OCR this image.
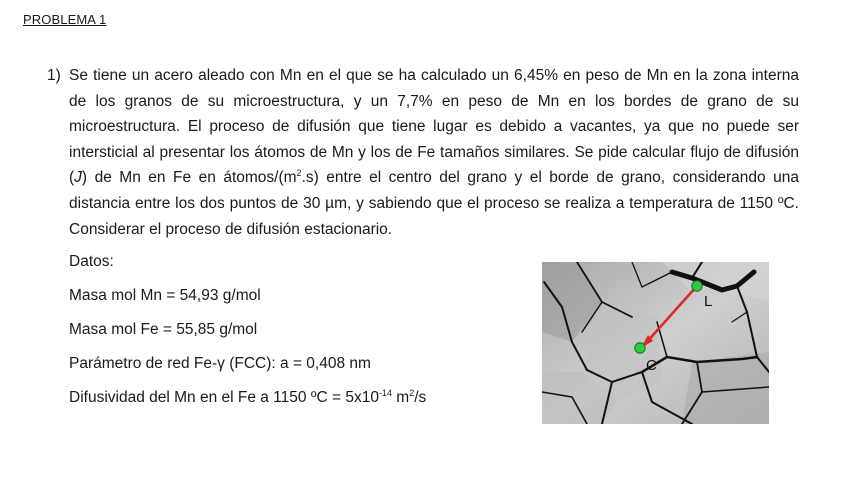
PROBLEMA 1
1) Se tiene un acero aleado con Mn en el que se ha calculado un 6,45% en peso de Mn en la zona interna de los granos de su microestructura, y un 7,7% en peso de Mn en los bordes de grano de su microestructura. El proceso de difusión que tiene lugar es debido a vacantes, ya que no puede ser intersticial al presentar los átomos de Mn y los de Fe tamaños similares. Se pide calcular flujo de difusión (J) de Mn en Fe en átomos/$(m^2.s)$ entre el centro del grano y el borde de grano, considerando una distancia entre los dos puntos de 30 µm, y sabiendo que el proceso se realiza a temperatura de 1150 ºC. Considerar el proceso de difusión estacionario.
Datos:
Masa mol Mn = 54,93 g/mol
Masa mol Fe = 55,85 g/mol
Parámetro de red Fe-γ (FCC): a = 0,408 nm
Difusividad del Mn en el Fe a 1150 ºC = $5x10^{-14}$ $m^2/s$
L
C
